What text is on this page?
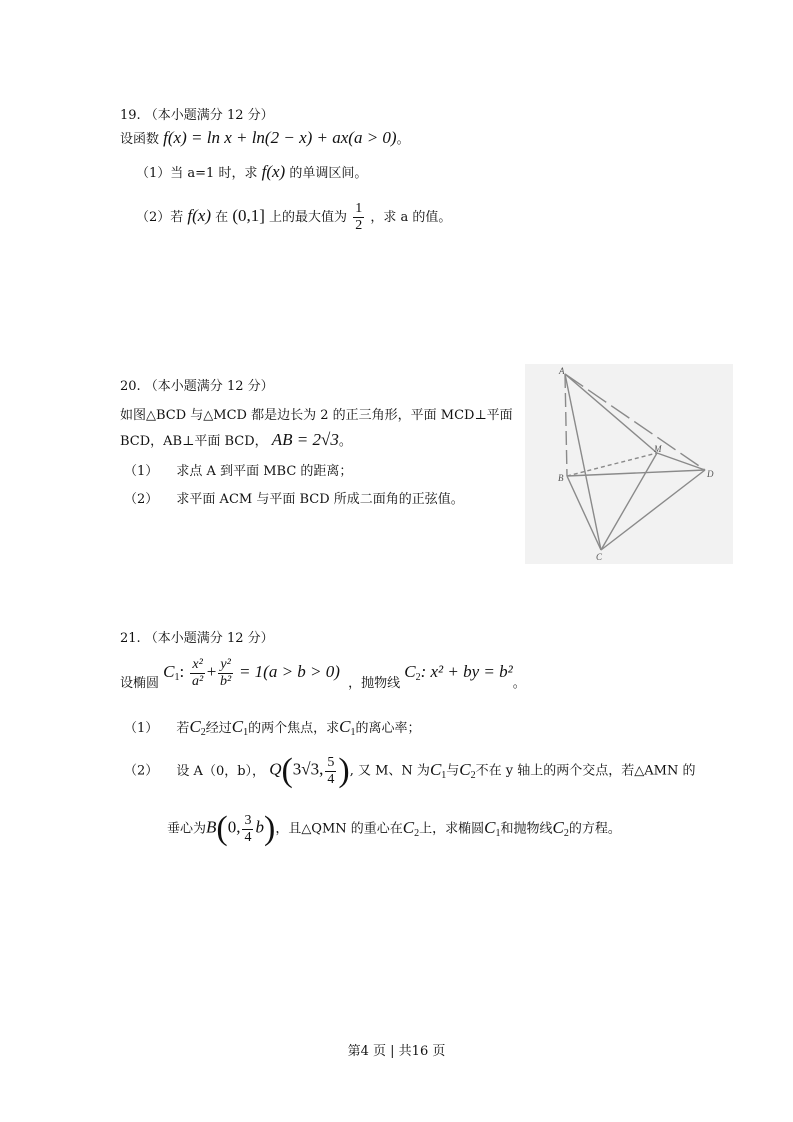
19. （本小题满分 12 分）
设函数 f(x) = ln x + ln(2 − x) + ax(a > 0)。
（1）当 a=1 时，求 f(x) 的单调区间。
（2）若 f(x) 在 (0,1] 上的最大值为 $\frac{1}{2}$ ，求 a 的值。
20. （本小题满分 12 分）
如图△BCD 与△MCD 都是边长为 2 的正三角形，平面 MCD⊥平面
BCD，AB⊥平面 BCD， AB = 2√3。
（1） 求点 A 到平面 MBC 的距离；
（2） 求平面 ACM 与平面 BCD 所成二面角的正弦值。
A
B
C
D
M
21. （本小题满分 12 分）
设椭圆 $C_1$: $\frac{\text{x²}}{\text{a²}} + \frac{\text{y²}}{\text{b²}} = 1(a > b > 0)$ ，抛物线 $C_2$: x² + by = b²。
（1） 若$C_2$经过$C_1$的两个焦点，求$C_1$的离心率；
（2） 设 A（0，b）， Q(3√3, $\frac{5}{4}$ ), 又 M、N 为$C_1$与$C_2$不在 y 轴上的两个交点，若△AMN 的
垂心为B(0, $\frac{3}{4} b$)，且△QMN 的重心在$C_2$上，求椭圆$C_1$和抛物线$C_2$的方程。
第4 页 | 共16 页
